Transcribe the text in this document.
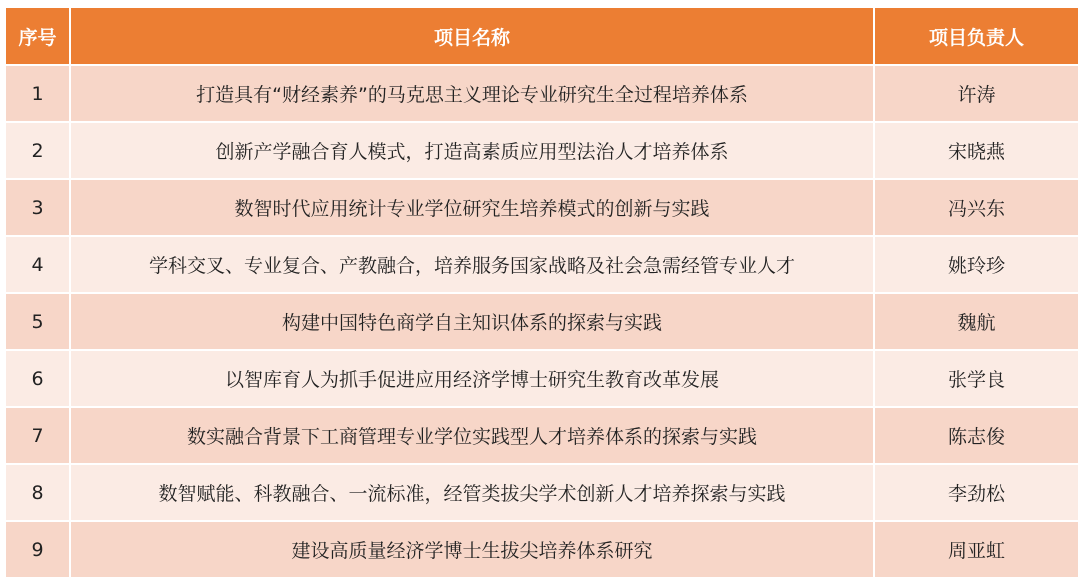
序号	项目名称	项目负责人
1	打造具有“财经素养”的马克思主义理论专业研究生全过程培养体系	许涛
2	创新产学融合育人模式，打造高素质应用型法治人才培养体系	宋晓燕
3	数智时代应用统计专业学位研究生培养模式的创新与实践	冯兴东
4	学科交叉、专业复合、产教融合，培养服务国家战略及社会急需经管专业人才	姚玲珍
5	构建中国特色商学自主知识体系的探索与实践	魏航
6	以智库育人为抓手促进应用经济学博士研究生教育改革发展	张学良
7	数实融合背景下工商管理专业学位实践型人才培养体系的探索与实践	陈志俊
8	数智赋能、科教融合、一流标准，经管类拔尖学术创新人才培养探索与实践	李劲松
9	建设高质量经济学博士生拔尖培养体系研究	周亚虹
